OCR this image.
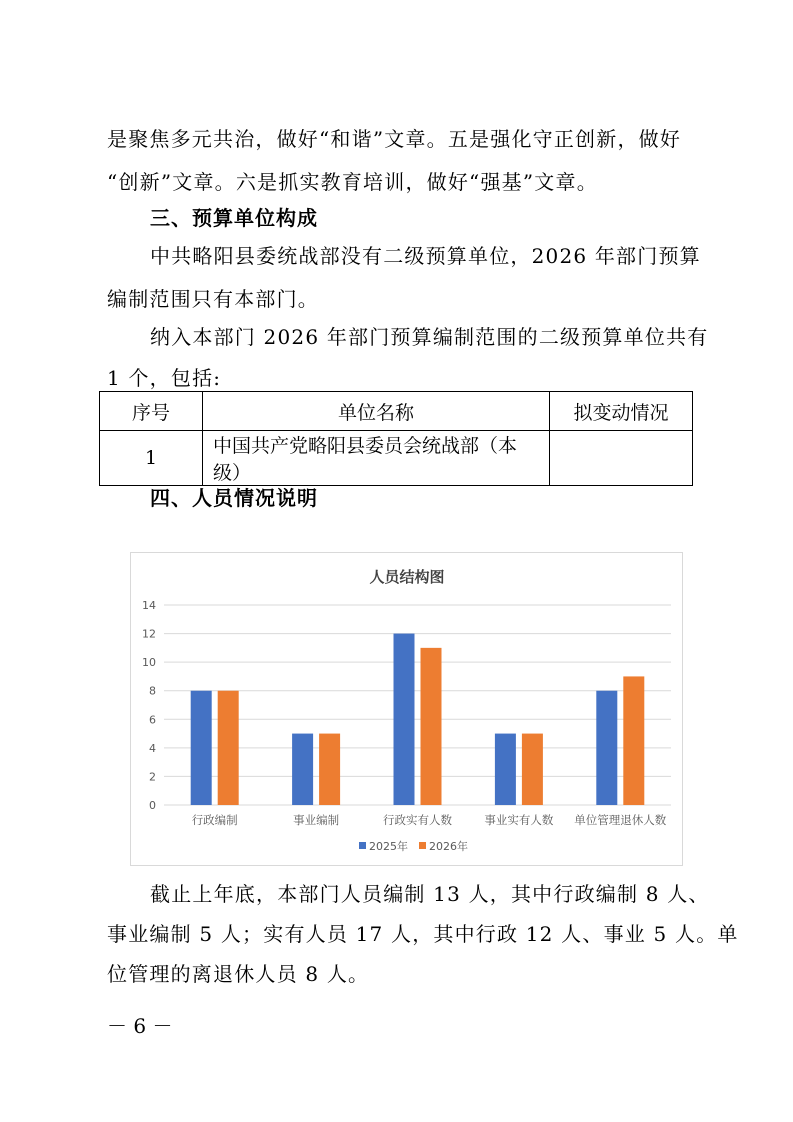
是聚焦多元共治，做好“和谐”文章。五是强化守正创新，做好

“创新”文章。六是抓实教育培训，做好“强基”文章。

三、预算单位构成

中共略阳县委统战部没有二级预算单位，2026 年部门预算

编制范围只有本部门。

纳入本部门 2026 年部门预算编制范围的二级预算单位共有

1 个，包括:

序号	单位名称	拟变动情况
1	中国共产党略阳县委员会统战部（本级）	
四、人员情况说明
人员结构图
0
2
4
6
8
10
12
14
行政编制	事业编制	行政实有人数	事业实有人数 单位管理退休人数
2025年 2026年

截止上年底，本部门人员编制 13 人，其中行政编制 8 人、

事业编制 5 人；实有人员 17 人，其中行政 12 人、事业 5 人。单

位管理的离退休人员 8 人。

－ 6 －
